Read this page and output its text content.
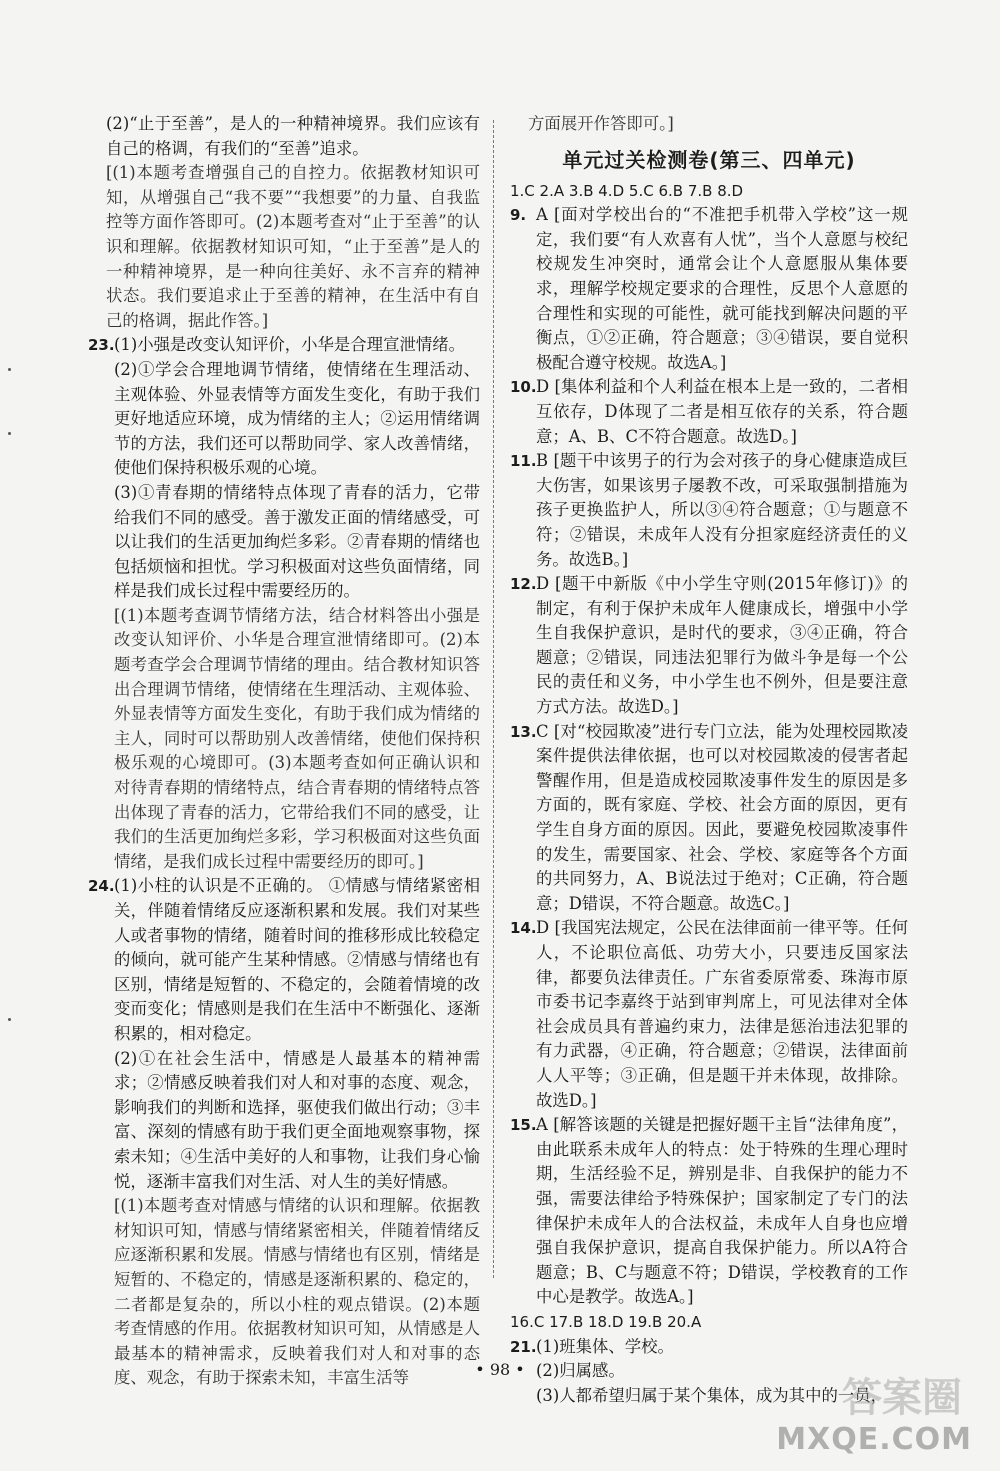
(2)“止于至善”，是人的一种精神境界。我们应该有自己的格调，有我们的“至善”追求。

[(1)本题考查增强自己的自控力。依据教材知识可知，从增强自己“我不要”“我想要”的力量、自我监控等方面作答即可。(2)本题考查对“止于至善”的认识和理解。依据教材知识可知，“止于至善”是人的一种精神境界，是一种向往美好、永不言弃的精神状态。我们要追求止于至善的精神，在生活中有自己的格调，据此作答。]

23. (1)小强是改变认知评价，小华是合理宣泄情绪。

(2)①学会合理地调节情绪，使情绪在生理活动、主观体验、外显表情等方面发生变化，有助于我们更好地适应环境，成为情绪的主人；②运用情绪调节的方法，我们还可以帮助同学、家人改善情绪，使他们保持积极乐观的心境。

(3)①青春期的情绪特点体现了青春的活力，它带给我们不同的感受。善于激发正面的情绪感受，可以让我们的生活更加绚烂多彩。②青春期的情绪也包括烦恼和担忧。学习积极面对这些负面情绪，同样是我们成长过程中需要经历的。

[(1)本题考查调节情绪方法，结合材料答出小强是改变认知评价、小华是合理宣泄情绪即可。(2)本题考查学会合理调节情绪的理由。结合教材知识答出合理调节情绪，使情绪在生理活动、主观体验、外显表情等方面发生变化，有助于我们成为情绪的主人，同时可以帮助别人改善情绪，使他们保持积极乐观的心境即可。(3)本题考查如何正确认识和对待青春期的情绪特点，结合青春期的情绪特点答出体现了青春的活力，它带给我们不同的感受，让我们的生活更加绚烂多彩，学习积极面对这些负面情绪，是我们成长过程中需要经历的即可。]

24. (1)小柱的认识是不正确的。 ①情感与情绪紧密相关，伴随着情绪反应逐渐积累和发展。我们对某些人或者事物的情绪，随着时间的推移形成比较稳定的倾向，就可能产生某种情感。②情感与情绪也有区别，情绪是短暂的、不稳定的，会随着情境的改变而变化；情感则是我们在生活中不断强化、逐渐积累的，相对稳定。

(2)①在社会生活中，情感是人最基本的精神需求；②情感反映着我们对人和对事的态度、观念，影响我们的判断和选择，驱使我们做出行动；③丰富、深刻的情感有助于我们更全面地观察事物，探索未知；④生活中美好的人和事物，让我们身心愉悦，逐渐丰富我们对生活、对人生的美好情感。

[(1)本题考查对情感与情绪的认识和理解。依据教材知识可知，情感与情绪紧密相关，伴随着情绪反应逐渐积累和发展。情感与情绪也有区别，情绪是短暂的、不稳定的，情感是逐渐积累的、稳定的，二者都是复杂的，所以小柱的观点错误。(2)本题考查情感的作用。依据教材知识可知，从情感是人最基本的精神需求，反映着我们对人和对事的态度、观念，有助于探索未知，丰富生活等

方面展开作答即可。]

单元过关检测卷(第三、四单元)

1.C 2.A 3.B 4.D 5.C 6.B 7.B 8.D

9. A [面对学校出台的“不准把手机带入学校”这一规定，我们要“有人欢喜有人忧”，当个人意愿与校纪校规发生冲突时，通常会让个人意愿服从集体要求，理解学校规定要求的合理性，反思个人意愿的合理性和实现的可能性，就可能找到解决问题的平衡点，①②正确，符合题意；③④错误，要自觉积极配合遵守校规。故选A。]

10. D [集体利益和个人利益在根本上是一致的，二者相互依存，D体现了二者是相互依存的关系，符合题意；A、B、C不符合题意。故选D。]

11. B [题干中该男子的行为会对孩子的身心健康造成巨大伤害，如果该男子屡教不改，可采取强制措施为孩子更换监护人，所以③④符合题意；①与题意不符；②错误，未成年人没有分担家庭经济责任的义务。故选B。]

12. D [题干中新版《中小学生守则(2015年修订)》的制定，有利于保护未成年人健康成长，增强中小学生自我保护意识，是时代的要求，③④正确，符合题意；②错误，同违法犯罪行为做斗争是每一个公民的责任和义务，中小学生也不例外，但是要注意方式方法。故选D。]

13. C [对“校园欺凌”进行专门立法，能为处理校园欺凌案件提供法律依据，也可以对校园欺凌的侵害者起警醒作用，但是造成校园欺凌事件发生的原因是多方面的，既有家庭、学校、社会方面的原因，更有学生自身方面的原因。因此，要避免校园欺凌事件的发生，需要国家、社会、学校、家庭等各个方面的共同努力，A、B说法过于绝对；C正确，符合题意；D错误，不符合题意。故选C。]

14. D [我国宪法规定，公民在法律面前一律平等。任何人，不论职位高低、功劳大小，只要违反国家法律，都要负法律责任。广东省委原常委、珠海市原市委书记李嘉终于站到审判席上，可见法律对全体社会成员具有普遍约束力，法律是惩治违法犯罪的有力武器，④正确，符合题意；②错误，法律面前人人平等；③正确，但是题干并未体现，故排除。故选D。]

15. A [解答该题的关键是把握好题干主旨“法律角度”，由此联系未成年人的特点：处于特殊的生理心理时期，生活经验不足，辨别是非、自我保护的能力不强，需要法律给予特殊保护；国家制定了专门的法律保护未成年人的合法权益，未成年人自身也应增强自我保护意识，提高自我保护能力。所以A符合题意；B、C与题意不符；D错误，学校教育的工作中心是教学。故选A。]

16.C 17.B 18.D 19.B 20.A

21. (1)班集体、学校。

(2)归属感。

(3)人都希望归属于某个集体，成为其中的一员，

• 98 •
答案圈
MXQE.COM
